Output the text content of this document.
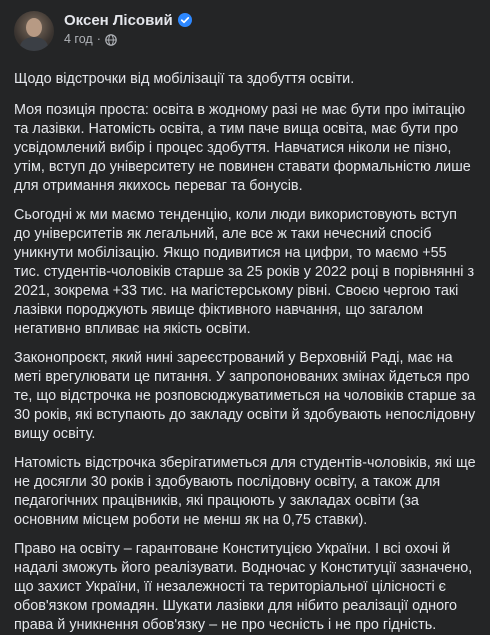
Оксен Лісовий
4 год ·

Щодо відстрочки від мобілізації та здобуття освіти.

Моя позиція проста: освіта в жодному разі не має бути про імітацію та лазівки. Натомість освіта, а тим паче вища освіта, має бути про усвідомлений вибір і процес здобуття. Навчатися ніколи не пізно, утім, вступ до університету не повинен ставати формальністю лише для отримання якихось переваг та бонусів.

Сьогодні ж ми маємо тенденцію, коли люди використовують вступ до університетів як легальний, але все ж таки нечесний спосіб уникнути мобілізацію. Якщо подивитися на цифри, то маємо +55 тис. студентів-чоловіків старше за 25 років у 2022 році в порівнянні з 2021, зокрема +33 тис. на магістерському рівні. Своєю чергою такі лазівки породжують явище фіктивного навчання, що загалом негативно впливає на якість освіти.

Законопроєкт, який нині зареєстрований у Верховній Раді, має на меті врегулювати це питання. У запропонованих змінах йдеться про те, що відстрочка не розповсюджуватиметься на чоловіків старше за 30 років, які вступають до закладу освіти й здобувають непослідовну вищу освіту.

Натомість відстрочка зберігатиметься для студентів-чоловіків, які ще не досягли 30 років і здобувають послідовну освіту, а також для педагогічних працівників, які працюють у закладах освіти (за основним місцем роботи не менш як на 0,75 ставки).

Право на освіту – гарантоване Конституцією України. І всі охочі й надалі зможуть його реалізувати. Водночас у Конституції зазначено, що захист України, її незалежності та територіальної цілісності є обов'язком громадян. Шукати лазівки для нібито реалізації одного права й уникнення обов'язку – не про чесність і не про гідність.
